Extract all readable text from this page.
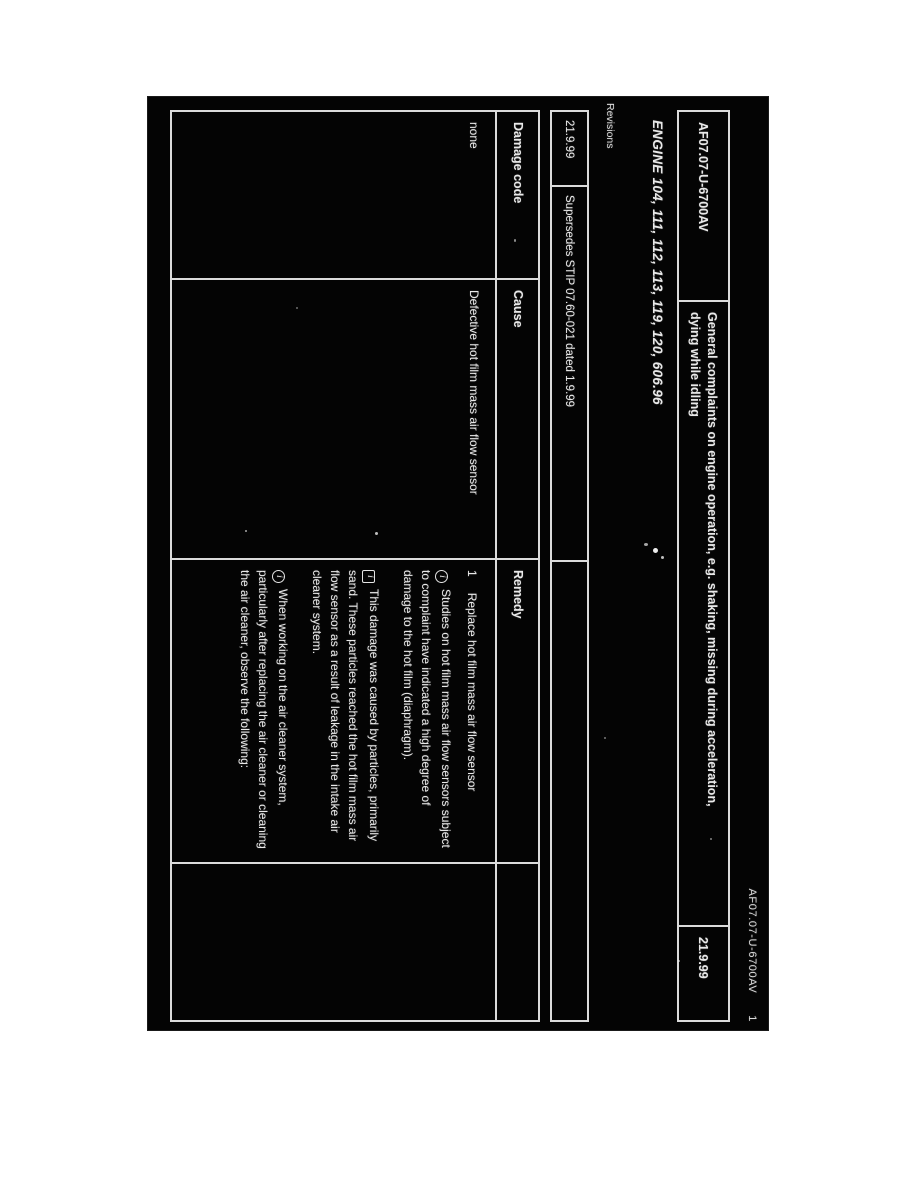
AF07.07-U-6700AV
1
AF07.07-U-6700AV
General complaints on engine operation, e.g. shaking, missing during acceleration, dying while idling
21.9.99
ENGINE 104, 111, 112, 113, 119, 120, 606.96
Revisions
21.9.99
Supersedes STIP 07.60-021 dated 1.9.99
Damage code
Cause
Remedy
none
Defective hot film mass air flow sensor
1
Replace hot film mass air flow sensor

iStudies on hot film mass air flow sensors subject to complaint have indicated a high degree of damage to the hot film (diaphragm).

iThis damage was caused by particles, primarily sand. These particles reached the hot film mass air flow sensor as a result of leakage in the intake air cleaner system.

iWhen working on the air cleaner system, particularly after replacing the air cleaner or cleaning the air cleaner, observe the following:
